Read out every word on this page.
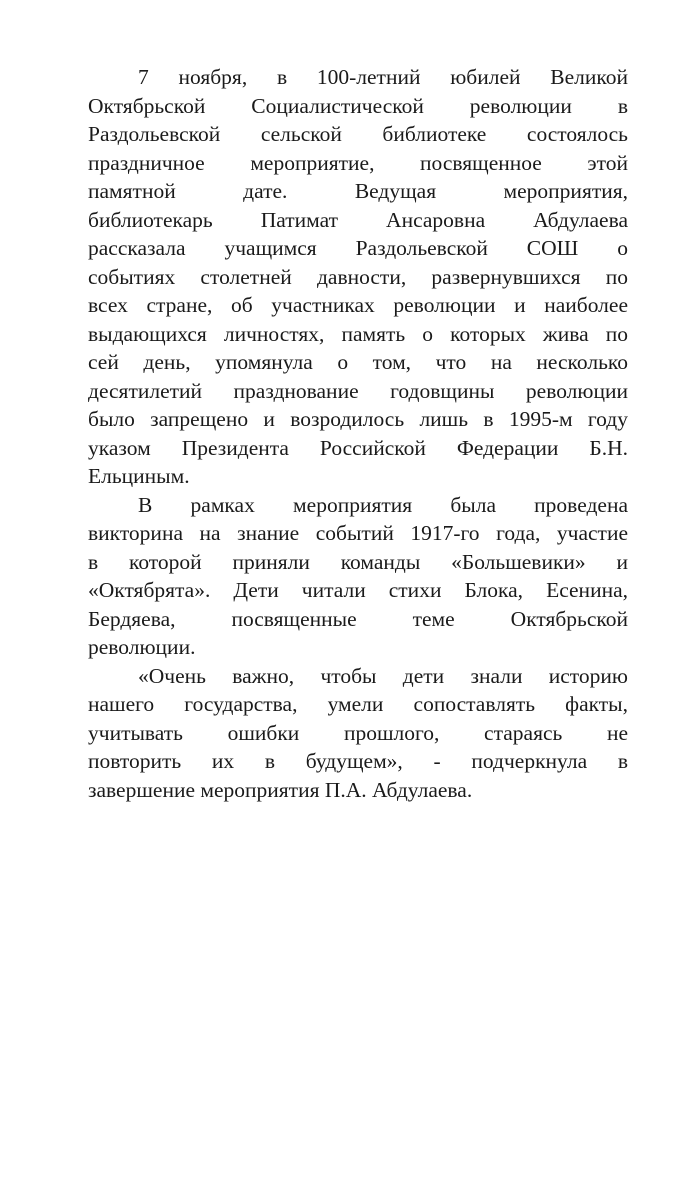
7 ноября, в 100-летний юбилей Великой
Октябрьской Социалистической революции в
Раздольевской сельской библиотеке состоялось
праздничное мероприятие, посвященное этой
памятной дате. Ведущая мероприятия,
библиотекарь Патимат Ансаровна Абдулаева
рассказала учащимся Раздольевской СОШ о
событиях столетней давности, развернувшихся по
всех стране, об участниках революции и наиболее
выдающихся личностях, память о которых жива по
сей день, упомянула о том, что на несколько
десятилетий празднование годовщины революции
было запрещено и возродилось лишь в 1995-м году
указом Президента Российской Федерации Б.Н.
Ельциным.

В рамках мероприятия была проведена
викторина на знание событий 1917-го года, участие
в которой приняли команды «Большевики» и
«Октябрята». Дети читали стихи Блока, Есенина,
Бердяева, посвященные теме Октябрьской
революции.

«Очень важно, чтобы дети знали историю
нашего государства, умели сопоставлять факты,
учитывать ошибки прошлого, стараясь не
повторить их в будущем», - подчеркнула в
завершение мероприятия П.А. Абдулаева.
